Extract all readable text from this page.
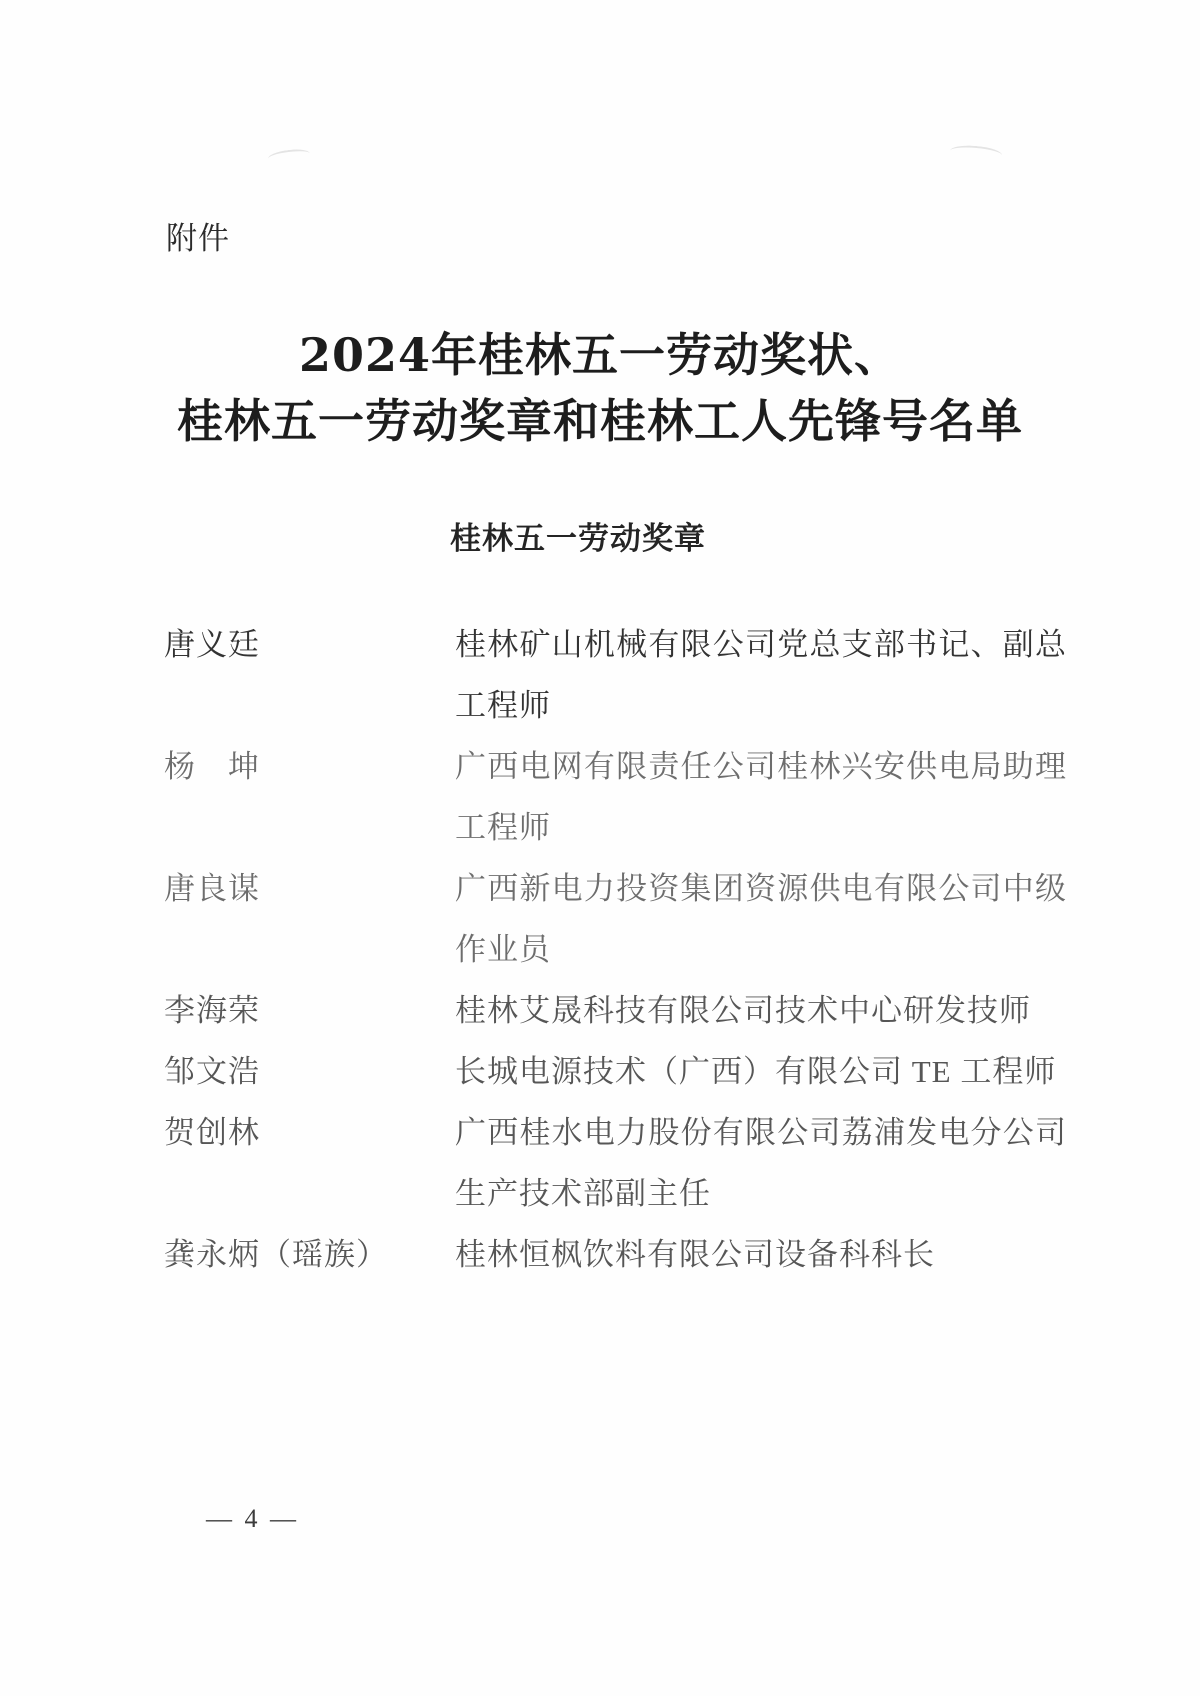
附件
2024年桂林五一劳动奖状、
桂林五一劳动奖章和桂林工人先锋号名单
桂林五一劳动奖章
唐义廷	桂林矿山机械有限公司党总支部书记、副总工程师
杨　坤	广西电网有限责任公司桂林兴安供电局助理工程师
唐良谋	广西新电力投资集团资源供电有限公司中级作业员
李海荣	桂林艾晟科技有限公司技术中心研发技师
邹文浩	长城电源技术（广西）有限公司 TE 工程师
贺创林	广西桂水电力股份有限公司荔浦发电分公司生产技术部副主任
龚永炳（瑶族）	桂林恒枫饮料有限公司设备科科长
— 4 —
